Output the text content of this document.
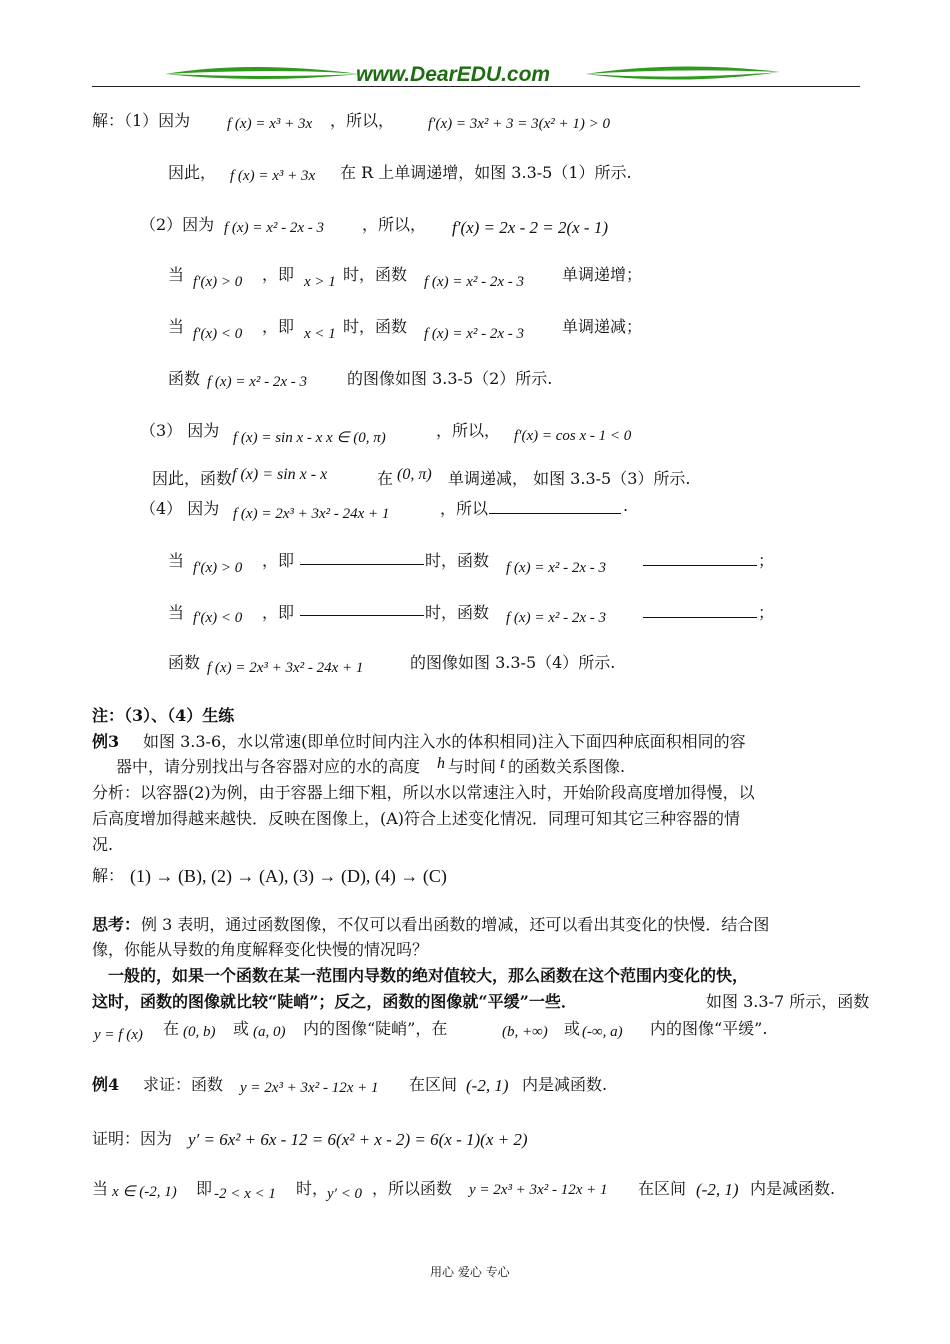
www.DearEDU.com
解：（1）因为 f (x) = x³ + 3x ，所以， f′(x) = 3x² + 3 = 3(x² + 1) > 0
因此， f (x) = x³ + 3x 在 R 上单调递增，如图 3.3-5（1）所示.
（2）因为 f (x) = x² - 2x - 3 ，所以， f′(x) = 2x - 2 = 2(x - 1)
当 f′(x) > 0 ，即 x > 1 时，函数 f (x) = x² - 2x - 3 单调递增；
当 f′(x) < 0 ，即 x < 1 时，函数 f (x) = x² - 2x - 3 单调递减；
函数 f (x) = x² - 2x - 3	的图像如图 3.3-5（2）所示.
（3） 因为 f (x) = sin x - x x ∈ (0, π)	，所以， f′(x) = cos x - 1 < 0
因此，函数 f (x) = sin x - x	在 (0, π) 单调递减， 如图 3.3-5（3）所示.
（4） 因为 f (x) = 2x³ + 3x² - 24x + 1	，所以	.
当 f′(x) > 0 ，即	时，函数 f (x) = x² - 2x - 3	；
当 f′(x) < 0 ，即	时，函数 f (x) = x² - 2x - 3	；
函数 f (x) = 2x³ + 3x² - 24x + 1	的图像如图 3.3-5（4）所示.
注：（3）、（4）生练
例3 如图 3.3-6，水以常速(即单位时间内注入水的体积相同)注入下面四种底面积相同的容
器中，请分别找出与各容器对应的水的高度 h 与时间 t 的函数关系图像.
分析：以容器(2)为例，由于容器上细下粗，所以水以常速注入时，开始阶段高度增加得慢，以
后高度增加得越来越快．反映在图像上，(A)符合上述变化情况．同理可知其它三种容器的情
况.
解： (1) → (B), (2) → (A), (3) → (D), (4) → (C)
思考： 例 3 表明，通过函数图像，不仅可以看出函数的增减，还可以看出其变化的快慢．结合图
像，你能从导数的角度解释变化快慢的情况吗？
一般的，如果一个函数在某一范围内导数的绝对值较大，那么函数在这个范围内变化的快，
这时，函数的图像就比较“陡峭”；反之，函数的图像就“平缓”一些．	如图 3.3-7 所示，函数
y = f (x) 在 (0, b) 或 (a, 0) 内的图像“陡峭”，在	(b, +∞) 或 (-∞, a) 内的图像“平缓”.
例4 求证：函数 y = 2x³ + 3x² - 12x + 1 在区间 (-2, 1) 内是减函数.
证明：因为 y′ = 6x² + 6x - 12 = 6(x² + x - 2) = 6(x - 1)(x + 2)
当 x ∈ (-2, 1) 即 -2 < x < 1 时，
y′ < 0 ，所以函数 y = 2x³ + 3x² - 12x + 1 在区间 (-2, 1) 内是减函数.
用心 爱心 专心
